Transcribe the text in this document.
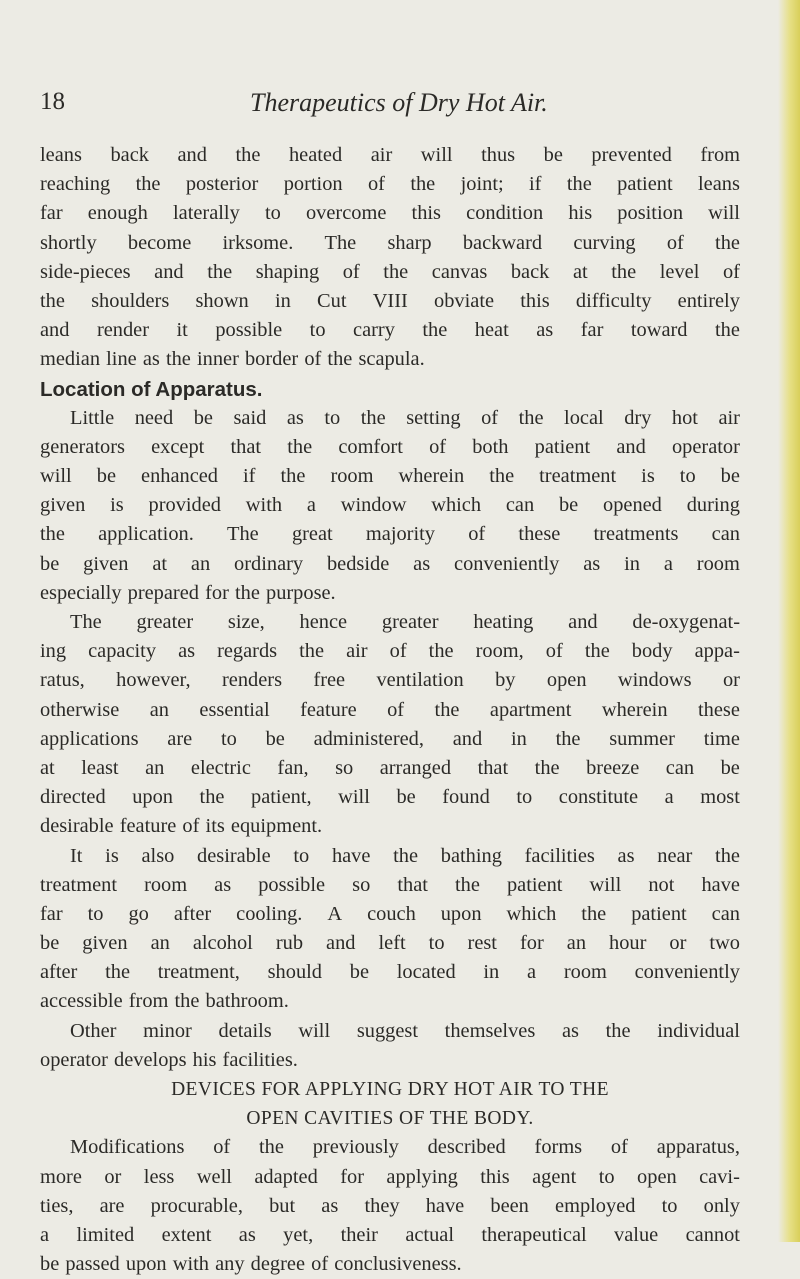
18	Therapeutics of Dry Hot Air.
leans back and the heated air will thus be prevented from
reaching the posterior portion of the joint; if the patient leans
far enough laterally to overcome this condition his position will
shortly become irksome. The sharp backward curving of the
side-pieces and the shaping of the canvas back at the level of
the shoulders shown in Cut VIII obviate this difficulty entirely
and render it possible to carry the heat as far toward the
median line as the inner border of the scapula.
Location of Apparatus.
Little need be said as to the setting of the local dry hot air
generators except that the comfort of both patient and operator
will be enhanced if the room wherein the treatment is to be
given is provided with a window which can be opened during
the application. The great majority of these treatments can
be given at an ordinary bedside as conveniently as in a room
especially prepared for the purpose.
The greater size, hence greater heating and de-oxygenat-
ing capacity as regards the air of the room, of the body appa-
ratus, however, renders free ventilation by open windows or
otherwise an essential feature of the apartment wherein these
applications are to be administered, and in the summer time
at least an electric fan, so arranged that the breeze can be
directed upon the patient, will be found to constitute a most
desirable feature of its equipment.
It is also desirable to have the bathing facilities as near the
treatment room as possible so that the patient will not have
far to go after cooling. A couch upon which the patient can
be given an alcohol rub and left to rest for an hour or two
after the treatment, should be located in a room conveniently
accessible from the bathroom.
Other minor details will suggest themselves as the individual
operator develops his facilities.
DEVICES FOR APPLYING DRY HOT AIR TO THE
OPEN CAVITIES OF THE BODY.
Modifications of the previously described forms of apparatus,
more or less well adapted for applying this agent to open cavi-
ties, are procurable, but as they have been employed to only
a limited extent as yet, their actual therapeutical value cannot
be passed upon with any degree of conclusiveness.
